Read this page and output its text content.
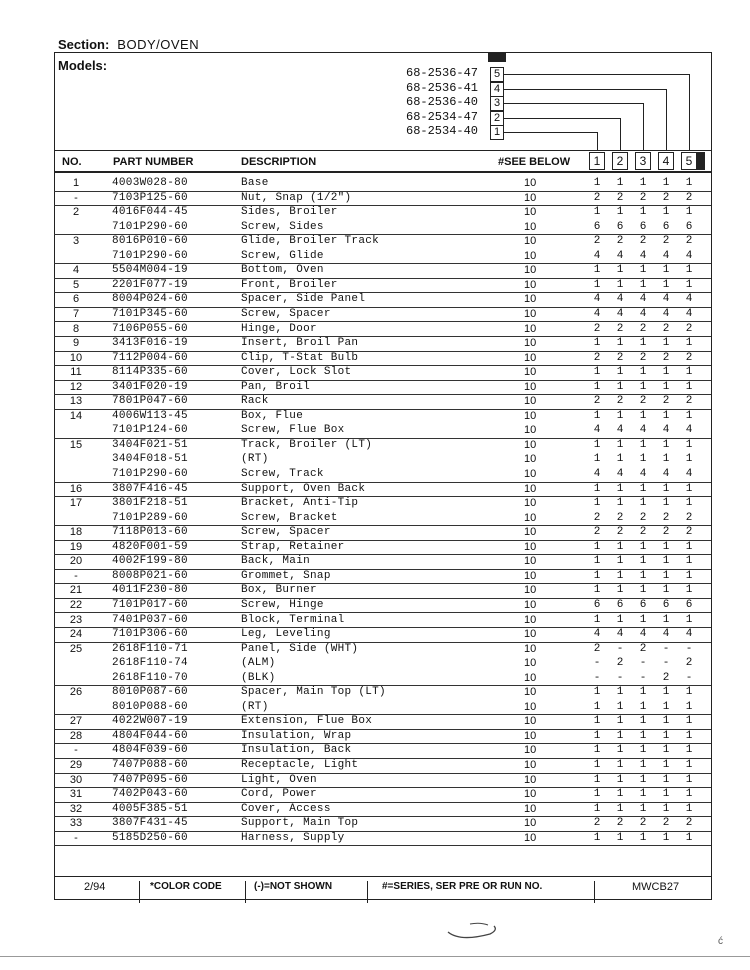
Section: BODY/OVEN
Models:	68-2536-47	5
68-2536-41	4
68-2536-40	3
68-2534-47	2
68-2534-40	1
NO.	PART NUMBER	DESCRIPTION	#SEE BELOW	1	2	3	4	5
1	4003W028-80	Base	10	1	1	1	1	1
-	7103P125-60	Nut, Snap (1/2")	10	2	2	2	2	2
2	4016F044-45	Sides, Broiler	10	1	1	1	1	1
7101P290-60	Screw, Sides	10	6	6	6	6	6
3	8016P010-60	Glide, Broiler Track	10	2	2	2	2	2
7101P290-60	Screw, Glide	10	4	4	4	4	4
4	5504M004-19	Bottom, Oven	10	1	1	1	1	1
5	2201F077-19	Front, Broiler	10	1	1	1	1	1
6	8004P024-60	Spacer, Side Panel	10	4	4	4	4	4
7	7101P345-60	Screw, Spacer	10	4	4	4	4	4
8	7106P055-60	Hinge, Door	10	2	2	2	2	2
9	3413F016-19	Insert, Broil Pan	10	1	1	1	1	1
10	7112P004-60	Clip, T-Stat Bulb	10	2	2	2	2	2
11	8114P335-60	Cover, Lock Slot	10	1	1	1	1	1
12	3401F020-19	Pan, Broil	10	1	1	1	1	1
13	7801P047-60	Rack	10	2	2	2	2	2
14	4006W113-45	Box, Flue	10	1	1	1	1	1
7101P124-60	Screw, Flue Box	10	4	4	4	4	4
15	3404F021-51	Track, Broiler (LT)	10	1	1	1	1	1
3404F018-51	(RT)	10	1	1	1	1	1
7101P290-60	Screw, Track	10	4	4	4	4	4
16	3807F416-45	Support, Oven Back	10	1	1	1	1	1
17	3801F218-51	Bracket, Anti-Tip	10	1	1	1	1	1
7101P289-60	Screw, Bracket	10	2	2	2	2	2
18	7118P013-60	Screw, Spacer	10	2	2	2	2	2
19	4820F001-59	Strap, Retainer	10	1	1	1	1	1
20	4002F199-80	Back, Main	10	1	1	1	1	1
-	8008P021-60	Grommet, Snap	10	1	1	1	1	1
21	4011F230-80	Box, Burner	10	1	1	1	1	1
22	7101P017-60	Screw, Hinge	10	6	6	6	6	6
23	7401P037-60	Block, Terminal	10	1	1	1	1	1
24	7101P306-60	Leg, Leveling	10	4	4	4	4	4
25	2618F110-71	Panel, Side (WHT)	10	2	-	2	-	-
2618F110-74	(ALM)	10	-	2	-	-	2
2618F110-70	(BLK)	10	-	-	-	2	-
26	8010P087-60	Spacer, Main Top (LT)	10	1	1	1	1	1
8010P088-60	(RT)	10	1	1	1	1	1
27	4022W007-19	Extension, Flue Box	10	1	1	1	1	1
28	4804F044-60	Insulation, Wrap	10	1	1	1	1	1
-	4804F039-60	Insulation, Back	10	1	1	1	1	1
29	7407P088-60	Receptacle, Light	10	1	1	1	1	1
30	7407P095-60	Light, Oven	10	1	1	1	1	1
31	7402P043-60	Cord, Power	10	1	1	1	1	1
32	4005F385-51	Cover, Access	10	1	1	1	1	1
33	3807F431-45	Support, Main Top	10	2	2	2	2	2
-	5185D250-60	Harness, Supply	10	1	1	1	1	1
2/94	*COLOR CODE	(-)=NOT SHOWN	#=SERIES, SER PRE OR RUN NO.	MWCB27
ć
